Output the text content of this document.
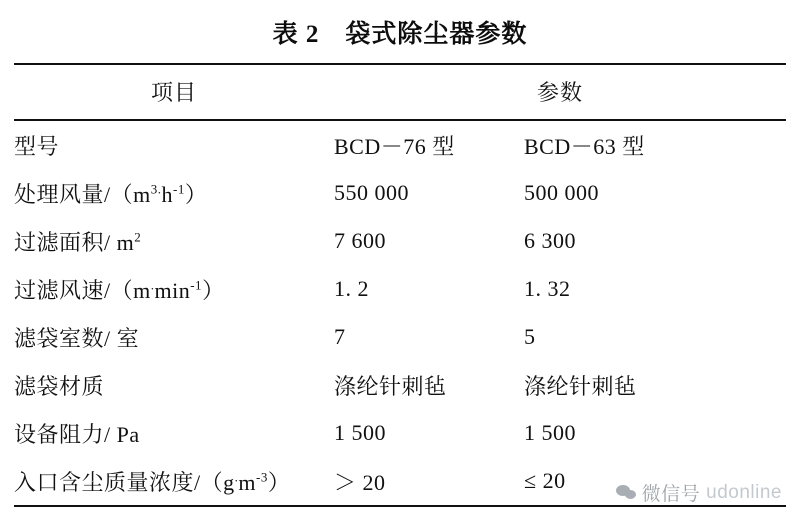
表 2　袋式除尘器参数
项目	参数	

型号	BCD－76 型	BCD－63 型
处理风量$/(m^{3.}h^{-1})$	550 000	500 000
过滤面积/ $m^2$	7 600	6 300
过滤风速$/(m^.\min^{-1})$	1. 2	1. 32
滤袋室数/ 室	7	5
滤袋材质	涤纶针刺毡	涤纶针刺毡
设备阻力/ Pa	1 500	1 500
入口含尘质量浓度$/(g^.m^{-3})$	＞ 20	≤ 20
微信号 udonline
